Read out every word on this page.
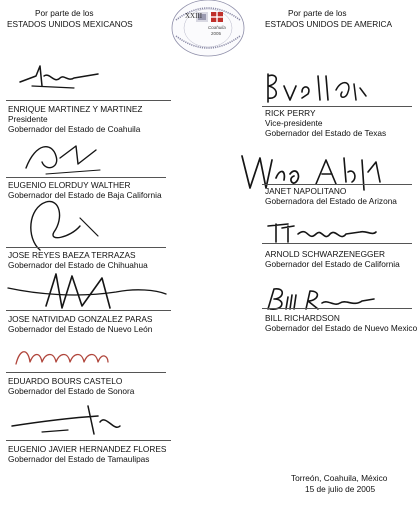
Por parte de los
ESTADOS UNIDOS MEXICANOS
Por parte de los
ESTADOS UNIDOS DE AMERICA
XXIII
Coahuila
2005
ENRIQUE MARTINEZ Y MARTINEZ
Presidente
Gobernador del Estado de Coahuila
EUGENIO ELORDUY WALTHER
Gobernador del Estado de Baja California
JOSE REYES BAEZA TERRAZAS
Gobernador del Estado de Chihuahua
JOSE NATIVIDAD GONZALEZ PARAS
Gobernador del Estado de Nuevo León
EDUARDO BOURS CASTELO
Gobernador del Estado de Sonora
EUGENIO JAVIER HERNANDEZ FLORES
Gobernador del Estado de Tamaulipas
RICK PERRY
Vice-presidente
Gobernador del Estado de Texas
JANET NAPOLITANO
Gobernadora del Estado de Arizona
ARNOLD SCHWARZENEGGER
Gobernador del Estado de California
BILL RICHARDSON
Gobernador del Estado de Nuevo Mexico
Torreón, Coahuila, México
15 de julio de 2005
